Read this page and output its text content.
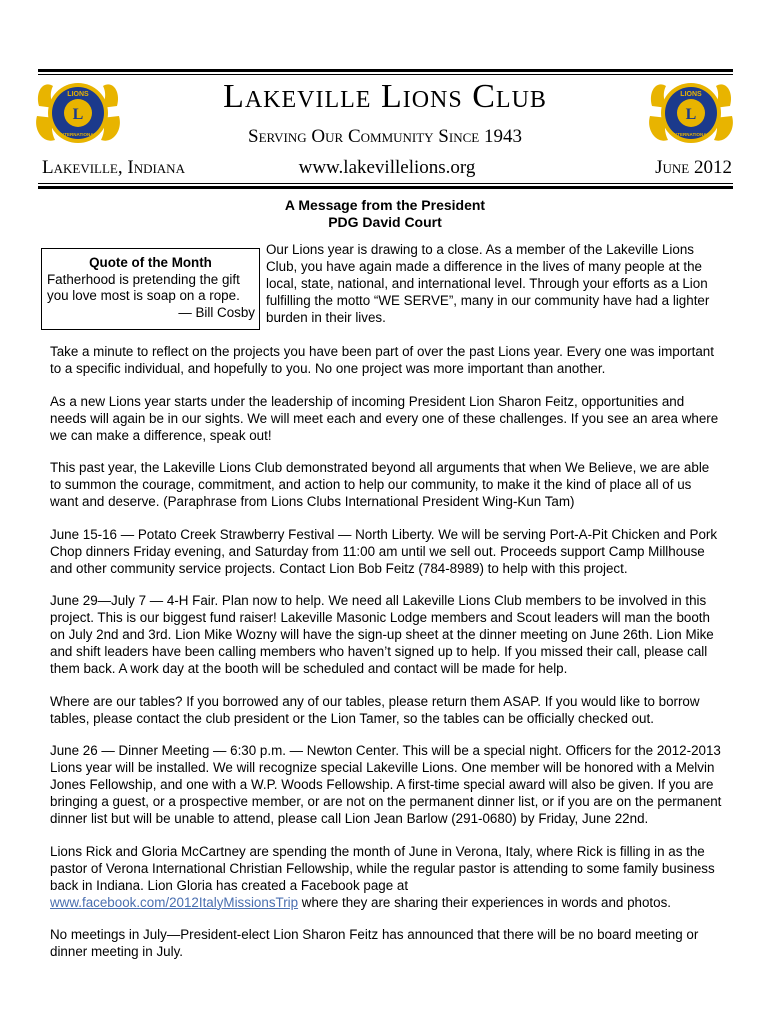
L
LIONS
INTERNATIONAL
L
LIONS
INTERNATIONAL
Lakeville Lions Club
Serving Our Community Since 1943
Lakeville, Indiana	www.lakevillelions.org	June 2012
A Message from the President
PDG David Court
Quote of the Month
Fatherhood is pretending the gift you love most is soap on a rope.
— Bill Cosby
Our Lions year is drawing to a close. As a member of the Lakeville Lions Club, you have again made a difference in the lives of many people at the local, state, national, and international level. Through your efforts as a Lion fulfilling the motto “WE SERVE”, many in our community have had a lighter burden in their lives.

Take a minute to reflect on the projects you have been part of over the past Lions year. Every one was important to a specific individual, and hopefully to you. No one project was more important than another.

As a new Lions year starts under the leadership of incoming President Lion Sharon Feitz, opportunities and needs will again be in our sights. We will meet each and every one of these challenges. If you see an area where we can make a difference, speak out!

This past year, the Lakeville Lions Club demonstrated beyond all arguments that when We Believe, we are able to summon the courage, commitment, and action to help our community, to make it the kind of place all of us want and deserve. (Paraphrase from Lions Clubs International President Wing-Kun Tam)

June 15-16 — Potato Creek Strawberry Festival — North Liberty. We will be serving Port-A-Pit Chicken and Pork Chop dinners Friday evening, and Saturday from 11:00 am until we sell out. Proceeds support Camp Millhouse and other community service projects. Contact Lion Bob Feitz (784-8989) to help with this project.

June 29—July 7 — 4-H Fair. Plan now to help. We need all Lakeville Lions Club members to be involved in this project. This is our biggest fund raiser! Lakeville Masonic Lodge members and Scout leaders will man the booth on July 2nd and 3rd. Lion Mike Wozny will have the sign-up sheet at the dinner meeting on June 26th. Lion Mike and shift leaders have been calling members who haven’t signed up to help. If you missed their call, please call them back. A work day at the booth will be scheduled and contact will be made for help.

Where are our tables? If you borrowed any of our tables, please return them ASAP. If you would like to borrow tables, please contact the club president or the Lion Tamer, so the tables can be officially checked out.

June 26 — Dinner Meeting — 6:30 p.m. — Newton Center. This will be a special night. Officers for the 2012-2013 Lions year will be installed. We will recognize special Lakeville Lions. One member will be honored with a Melvin Jones Fellowship, and one with a W.P. Woods Fellowship. A first-time special award will also be given. If you are bringing a guest, or a prospective member, or are not on the permanent dinner list, or if you are on the permanent dinner list but will be unable to attend, please call Lion Jean Barlow (291-0680) by Friday, June 22nd.

Lions Rick and Gloria McCartney are spending the month of June in Verona, Italy, where Rick is filling in as the pastor of Verona International Christian Fellowship, while the regular pastor is attending to some family business back in Indiana. Lion Gloria has created a Facebook page at
www.facebook.com/2012ItalyMissionsTrip where they are sharing their experiences in words and photos.

No meetings in July—President-elect Lion Sharon Feitz has announced that there will be no board meeting or dinner meeting in July.
